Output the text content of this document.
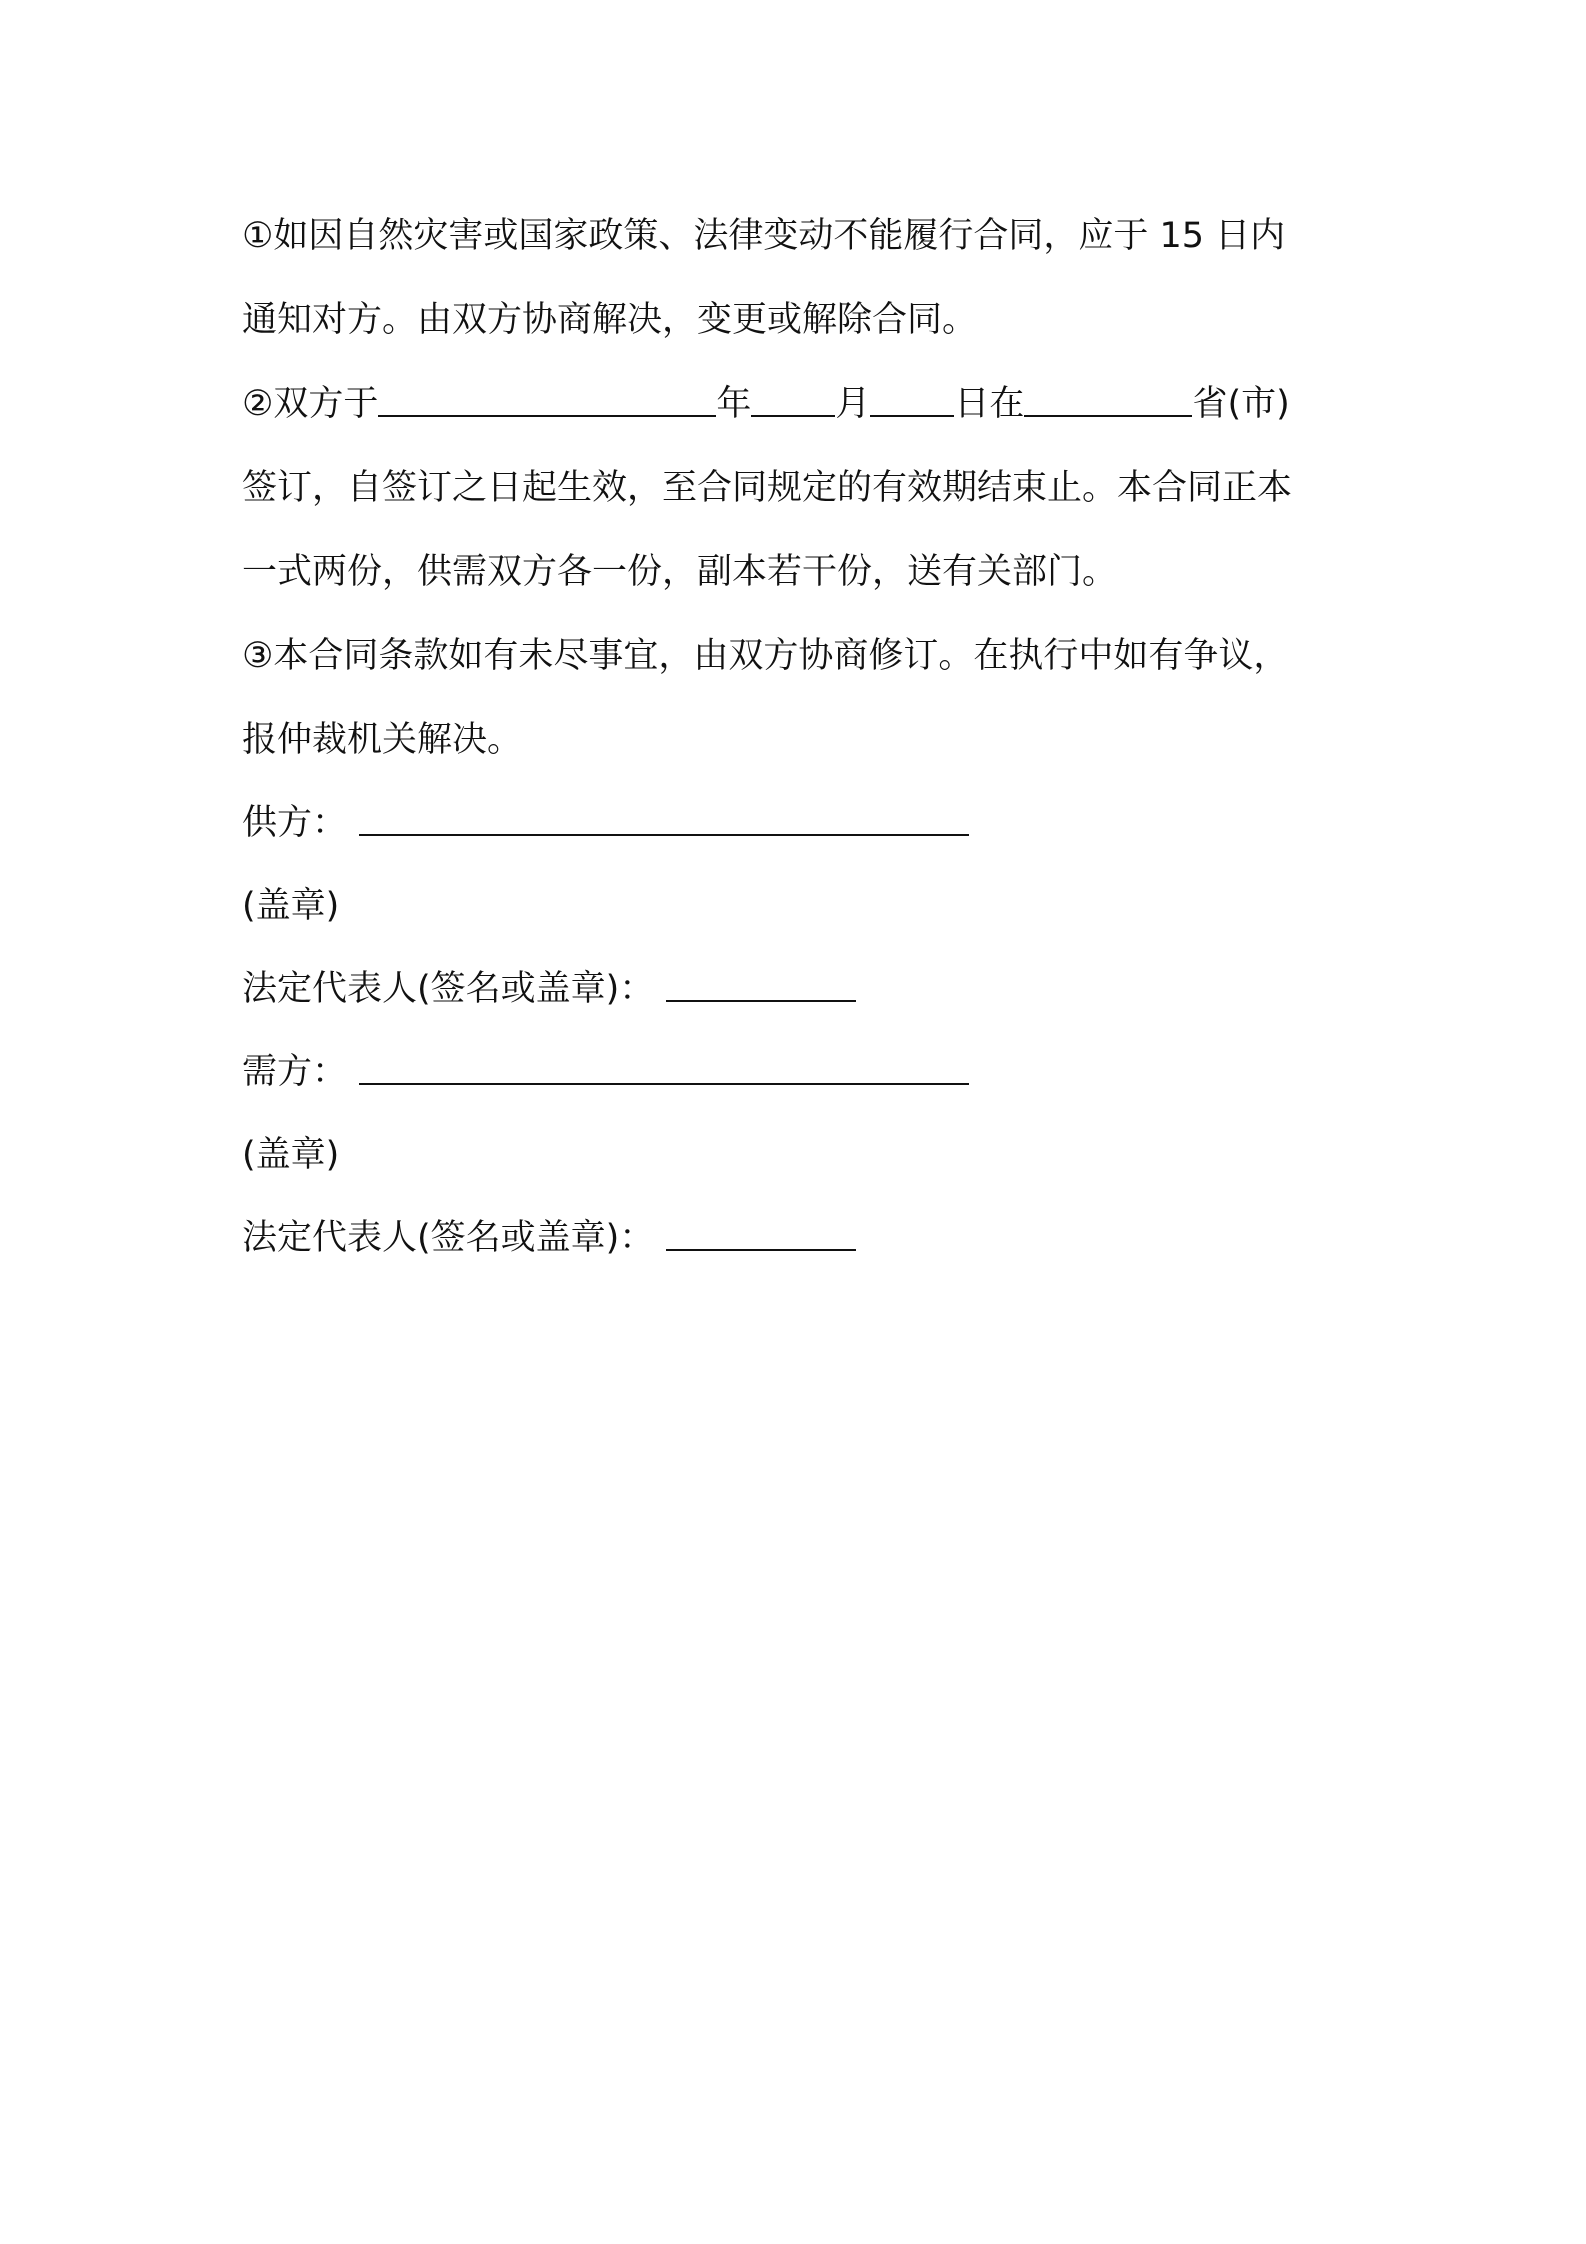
①如因自然灾害或国家政策、法律变动不能履行合同，应于 15 日内
通知对方。由双方协商解决，变更或解除合同。
②双方于	年 月 日在	省(市)
签订，自签订之日起生效，至合同规定的有效期结束止。本合同正本
一式两份，供需双方各一份，副本若干份，送有关部门。
③本合同条款如有未尽事宜，由双方协商修订。在执行中如有争议，
报仲裁机关解决。
供方：
(盖章)
法定代表人(签名或盖章)：
需方：
(盖章)
法定代表人(签名或盖章)：
